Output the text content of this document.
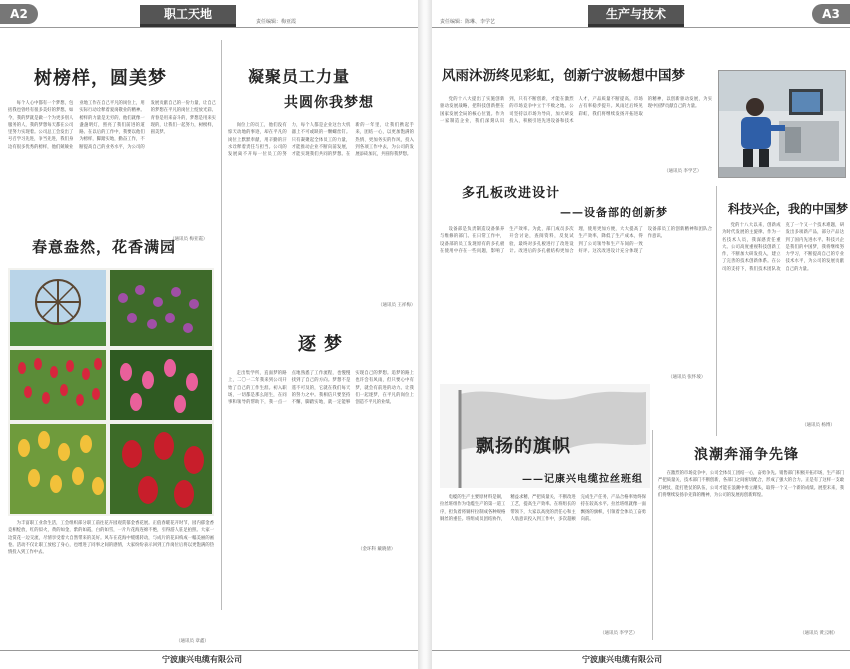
A2	职工天地
责任编辑：梅亚霞
树榜样，圆美梦

每个人心中都有一个梦想，包括我也曾经有很多美好的梦想。如今，我的梦就是做一个为更多别人服务的人，我的梦想每天都在公司里努力实现着。公司总工会发出了号召学习先进，争当先进，我们身边有很多优秀的榜样，他们兢兢业业地工作在自己平凡的岗位上，用实际行动诠释着爱岗敬业的精神。榜样的力量是无穷的，他们就像一盏盏明灯，照亮了我们前进的道路。在以后的工作中，我要以他们为榜样，脚踏实地，勤奋工作，不断提高自己的业务水平，为公司的发展贡献自己的一份力量，让自己的梦想在平凡的岗位上绽放光彩。青春是用来奋斗的，梦想是用来实现的，让我们一起努力，树榜样，圆美梦。

（通讯员 梅亚霞）
凝聚员工力量
共圆你我梦想

岗位上的员工，他们没有惊天动地的事迹，却在平凡的岗位上默默奉献，用辛勤的汗水诠释着责任与担当。公司的发展离不开每一位员工的努力，每个人都是企业这台大机器上不可或缺的一颗螺丝钉。只有凝聚起全体员工的力量，才能推动企业不断向前发展，才能实现我们共同的梦想。在新的一年里，让我们携起手来，团结一心，以更加饱满的热情、更加务实的作风，投入到各项工作中去，为公司的发展添砖加瓦，共圆你我梦想。

（通讯员 王祥梅）
春意盎然，花香满园

为丰富职工业余生活，工会组织部分职工前往花卉园观赏郁金香花展。正值春暖花开时节，园内郁金香竞相绽放，红的似火，黄的如金，紫的如霞，白的如雪，一片片花海连绵不绝，引得游人驻足拍照。大家一边赏花一边交流，尽情享受着大自然带来的美好。风车在花海中缓缓转动，与成片的花田构成一幅美丽的画卷。活动不仅让职工放松了身心，也增进了同事之间的感情，大家纷纷表示回到工作岗位后将以更饱满的热情投入到工作中去。

（通讯员 章鑫）
逐梦

走出集学所，直面梦的路上，二〇一二年我来到公司开始了自己的工作生涯。初入职场，一切都是那么陌生，在同事和领导的帮助下，我一点一点地熟悉了工作流程，也慢慢找到了自己的方向。梦想不是遥不可及的，它就在我们每天的努力之中。我相信只要坚持不懈，脚踏实地，就一定能够实现自己的梦想。追梦的路上也许会有风雨，但只要心中有梦，就会有前进的动力。让我们一起逐梦，在平凡的岗位上创造不平凡的业绩。

（金环科 戴晓倩）
宁波康兴电缆有限公司
A3
生产与技术
责任编辑：陈琳、李学艺
风雨沐沥终见彩虹，创新宁波畅想中国梦

党的十八大提出了实施创新驱动发展战略，把科技创新摆在国家发展全局的核心位置。作为一家制造企业，我们深刻认识到，只有不断创新，才能在激烈的市场竞争中立于不败之地。公司坚持以市场为导向，加大研发投入，积极引进先进设备和技术人才，产品质量不断提高，市场占有率稳步提升。风雨过后终见彩虹，我们将继续发扬开拓进取的精神，以创新驱动发展，为实现中国梦贡献自己的力量。

（通讯员 李学艺）
多孔板改进设计
——设备部的创新梦

设备部是负责制造设备保养与维修的部门。在日常工作中，设备部的员工发现原有的多孔板在使用中存在一些问题，影响了生产效率。为此，部门成员多次开会讨论，查阅资料，反复试验，最终对多孔板进行了改进设计。改进后的多孔板结构更加合理，使用更加方便，大大提高了生产效率，降低了生产成本，得到了公司领导和生产车间的一致好评。这次改进设计充分体现了设备部员工的创新精神和团队合作意识。

（通讯员 张怀坡）
科技兴企，我的中国梦

党的十八大以来，创新成为时代发展的主旋律。作为一名技术人员，我深感责任重大。公司高度重视科技创新工作，不断加大研发投入，建立了完善的技术创新体系。在公司的支持下，我们技术团队攻克了一个又一个技术难题，研发出多项新产品，部分产品达到了国内先进水平。科技兴企是我们的中国梦，我将继续努力学习，不断提高自己的专业技术水平，为公司的发展贡献自己的力量。

（通讯员 杨博）
飘扬的旗帜
——记康兴电缆拉丝班组

电缆的生产主要原材料是铜，拉丝班组作为电缆生产的第一道工序，担负着将铜杆拉制成各种规格铜丝的重任。班组成员团结协作，精益求精，严把质量关，不断改进工艺，提高生产效率。在班组长的带领下，大家以高度的责任心和主人翁意识投入到工作中，多次超额完成生产任务，产品合格率始终保持在较高水平。拉丝班组就像一面飘扬的旗帜，引领着全体员工奋勇向前。

（通讯员 李学艺）
浪潮奔涌争先锋

在激烈的市场竞争中，公司全体员工团结一心，奋勇争先。销售部门积极开拓市场，生产部门严把质量关，技术部门不断创新，各部门之间密切配合，形成了强大的合力。正是有了这样一支敢打硬仗、能打胜仗的队伍，公司才能在浪潮中勇立潮头，取得一个又一个新的成绩。展望未来，我们将继续发扬争先锋的精神，为公司的发展再创新辉煌。

（通讯员 黄云刚）
宁波康兴电缆有限公司
